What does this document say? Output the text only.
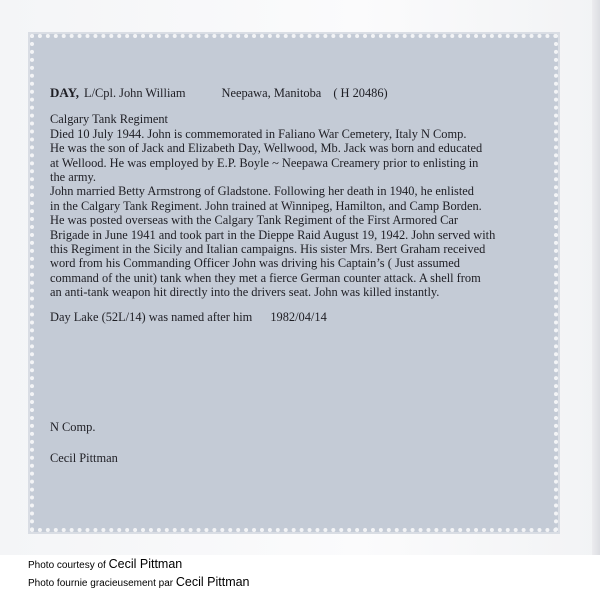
DAY, L/Cpl. John William	Neepawa, Manitoba ( H 20486)

Calgary Tank Regiment

Died 10 July 1944. John is commemorated in Faliano War Cemetery, Italy N Comp.
He was the son of Jack and Elizabeth Day, Wellwood, Mb. Jack was born and educated
at Wellood. He was employed by E.P. Boyle ~ Neepawa Creamery prior to enlisting in
the army.

John married Betty Armstrong of Gladstone. Following her death in 1940, he enlisted
in the Calgary Tank Regiment. John trained at Winnipeg, Hamilton, and Camp Borden.
He was posted overseas with the Calgary Tank Regiment of the First Armored Car
Brigade in June 1941 and took part in the Dieppe Raid August 19, 1942. John served with
this Regiment in the Sicily and Italian campaigns. His sister Mrs. Bert Graham received
word from his Commanding Officer John was driving his Captain’s ( Just assumed
command of the unit) tank when they met a fierce German counter attack. A shell from
an anti-tank weapon hit directly into the drivers seat. John was killed instantly.

Day Lake (52L/14) was named after him 1982/04/14

N Comp.
Cecil Pittman
Photo courtesy of Cecil Pittman
Photo fournie gracieusement par Cecil Pittman
